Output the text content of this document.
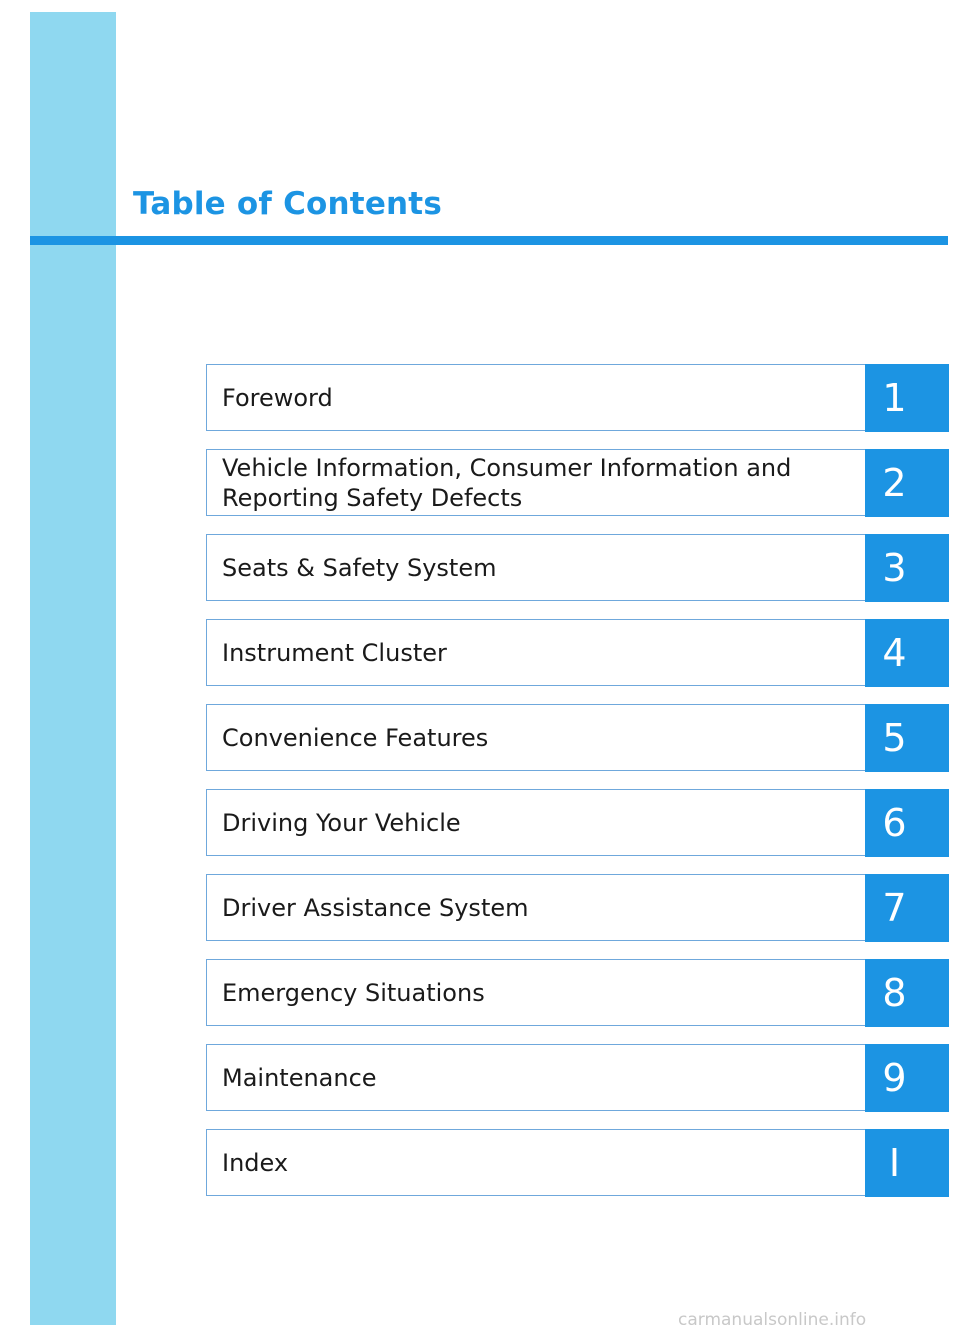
Table of Contents
Foreword	1
Vehicle Information, Consumer Information and
Reporting Safety Defects	2
Seats & Safety System	3
Instrument Cluster	4
Convenience Features	5
Driving Your Vehicle	6
Driver Assistance System	7
Emergency Situations	8
Maintenance	9
Index	I
carmanualsonline.info
